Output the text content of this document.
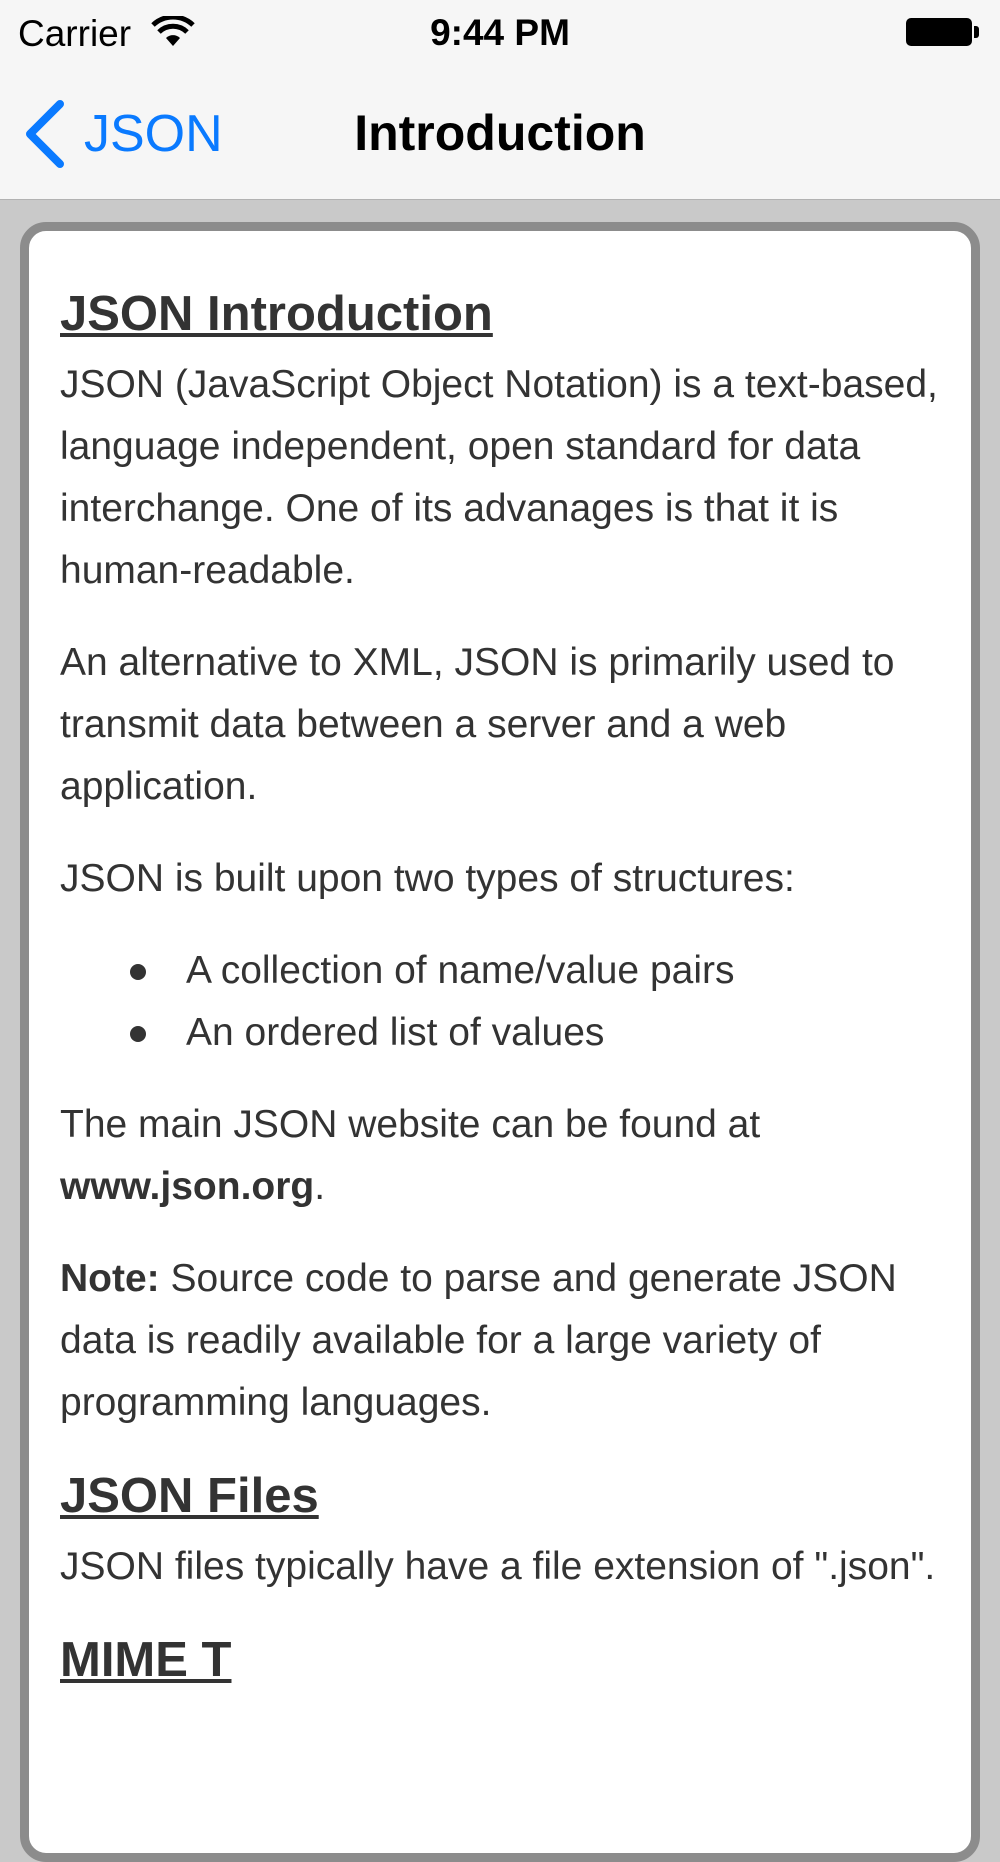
Carrier	9:44 PM
JSON	Introduction
JSON Introduction

JSON (JavaScript Object Notation) is a text-based, language independent, open standard for data interchange. One of its advanages is that it is human-readable.

An alternative to XML, JSON is primarily used to transmit data between a server and a web application.

JSON is built upon two types of structures:

A collection of name/value pairs
An ordered list of values

The main JSON website can be found at www.json.org.

Note: Source code to parse and generate JSON data is readily available for a large variety of programming languages.

JSON Files

JSON files typically have a file extension of ".json".

MIME T
